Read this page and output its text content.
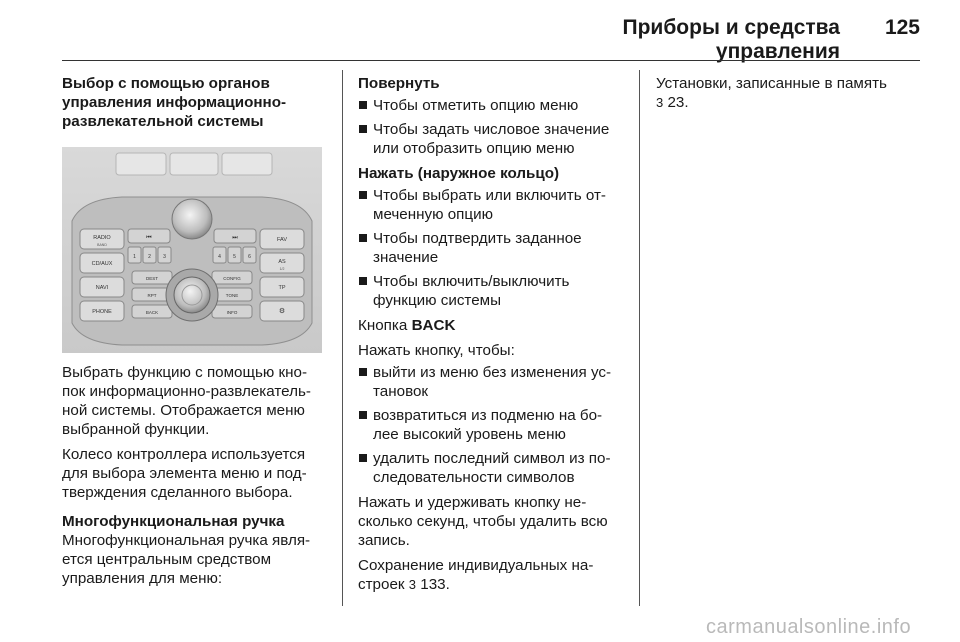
Приборы и средства управления
125
Выбор с помощью органов управления информационно-развлекательной системы
RADIO
BAND
CD/AUX
NAVI
PHONE
FAV
AS
1/2
TP
⚙
⏮	⏭
1 2 3	4 5 6
DEST
RPT
BACK
CONFIG
TONE
INFO

Выбрать функцию с помощью кно-пок информационно-развлекатель-ной системы. Отображается меню выбранной функции.

Колесо контроллера используется для выбора элемента меню и под-тверждения сделанного выбора.

Многофункциональная ручка

Многофункциональная ручка явля-ется центральным средством управления для меню:

Повернуть
Чтобы отметить опцию меню
Чтобы задать числовое значение или отобразить опцию меню
Нажать (наружное кольцо)
Чтобы выбрать или включить от-меченную опцию
Чтобы подтвердить заданное значение
Чтобы включить/выключить функцию системы

Кнопка BACK

Нажать кнопку, чтобы:

выйти из меню без изменения ус-тановок
возвратиться из подменю на бо-лее высокий уровень меню
удалить последний символ из по-следовательности символов

Нажать и удерживать кнопку не-сколько секунд, чтобы удалить всю запись.

Сохранение индивидуальных на-строек 3 133.

Установки, записанные в память
3 23.

carmanualsonline.info
